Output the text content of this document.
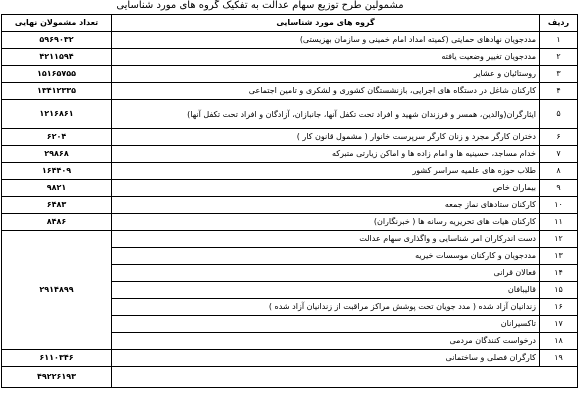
مشمولین طرح توزیع سهام عدالت به تفکیک گروه های مورد شناسایی
ردیف	گروه های مورد شناسایی	تعداد مشمولان نهایی
۱	مددجویان نهادهای حمایتی (کمیته امداد امام خمینی و سازمان بهزیستی)	۵۹۶۹۰۳۲
۲	مددجویان تغییر وضعیت یافته	۴۲۱۱۵۹۴
۳	روستائیان و عشایر	۱۵۱۶۵۷۵۵
۴	کارکنان شاغل در دستگاه های اجرایی، بازنشستگان کشوری و لشکری و تامین اجتماعی	۱۳۴۱۲۳۳۵
۵	ایثارگران(والدین، همسر و فرزندان شهید و افراد تحت تکفل آنها، جانبازان، آزادگان و افراد تحت تکفل آنها)	۱۲۱۶۸۶۱
۶	دختران کارگر مجرد و زنان کارگر سرپرست خانوار ( مشمول قانون کار )	۶۲۰۴
۷	خدام مساجد، حسینیه ها و امام زاده ها و اماکن زیارتی متبرکه	۲۹۸۶۸
۸	طلاب حوزه های علمیه سراسر کشور	۱۶۴۴۰۹
۹	بیماران خاص	۹۸۲۱
۱۰	کارکنان ستادهای نماز جمعه	۶۴۸۳
۱۱	کارکنان هیات های تحریریه رسانه ها ( خبرنگاران)	۸۴۸۶
۱۲	دست اندرکاران امر شناسایی و واگذاری سهام عدالت	۲۹۱۴۸۹۹
۱۳	مددجویان و کارکنان موسسات خیریه	
۱۴	فعالان قرانی	
۱۵	قالیبافان	
۱۶	زندانیان آزاد شده ( مدد جویان تحت پوشش مراکز مراقبت از زندانیان آزاد شده )	
۱۷	تاکسیرانان	
۱۸	درخواست کنندگان مردمی	
۱۹	کارگران فصلی و ساختمانی	۶۱۱۰۳۴۶
		۴۹۲۲۶۱۹۳
